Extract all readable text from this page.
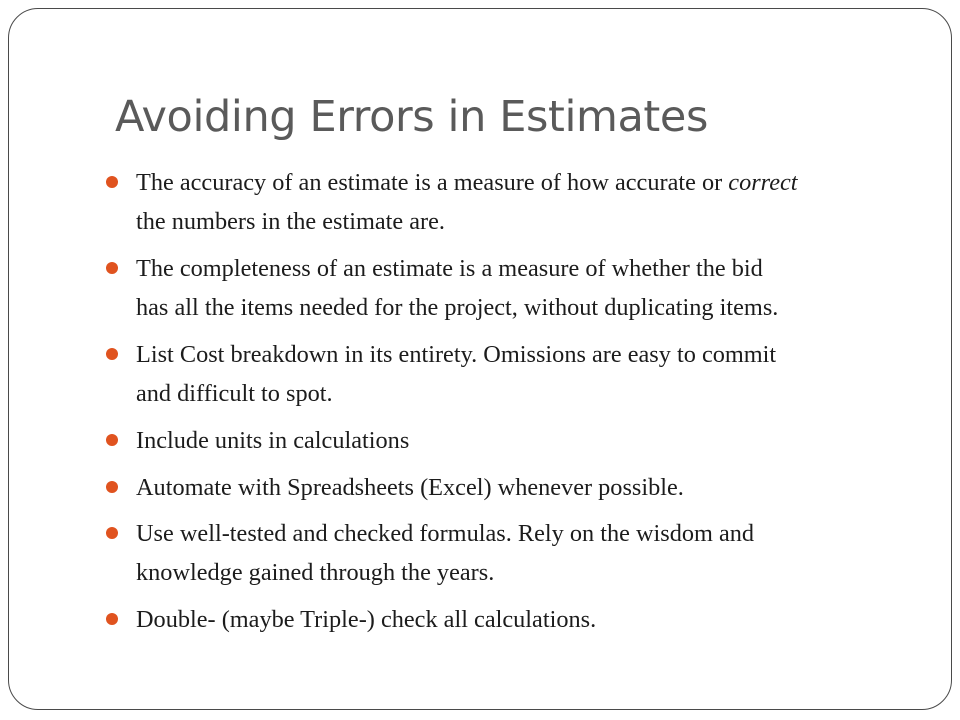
Avoiding Errors in Estimates
The accuracy of an estimate is a measure of how accurate or correct
the numbers in the estimate are.
The completeness of an estimate is a measure of whether the bid
has all the items needed for the project, without duplicating items.
List Cost breakdown in its entirety. Omissions are easy to commit
and difficult to spot.
Include units in calculations
Automate with Spreadsheets (Excel) whenever possible.
Use well-tested and checked formulas. Rely on the wisdom and
knowledge gained through the years.
Double- (maybe Triple-) check all calculations.
